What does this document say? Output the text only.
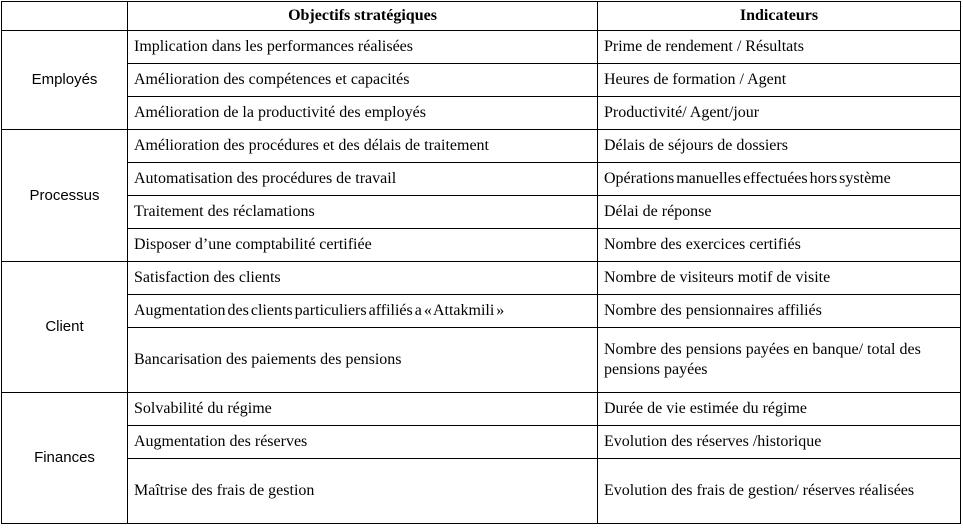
	Objectifs stratégiques	Indicateurs
Employés	Implication dans les performances réalisées	Prime de rendement / Résultats
	Amélioration des compétences et capacités	Heures de formation / Agent
	Amélioration de la productivité des employés	Productivité/ Agent/jour
Processus	Amélioration des procédures et des délais de traitement	Délais de séjours de dossiers
	Automatisation des procédures de travail	Opérations manuelles effectuées hors système
	Traitement des réclamations	Délai de réponse
	Disposer d’une comptabilité certifiée	Nombre des exercices certifiés
Client	Satisfaction des clients	Nombre de visiteurs motif de visite
	Augmentation des clients particuliers affiliés a « Attakmili »	Nombre des pensionnaires affiliés
	Bancarisation des paiements des pensions	Nombre des pensions payées en banque/ total des pensions payées
Finances	Solvabilité du régime	Durée de vie estimée du régime
	Augmentation des réserves	Evolution des réserves /historique
	Maîtrise des frais de gestion	Evolution des frais de gestion/ réserves réalisées
